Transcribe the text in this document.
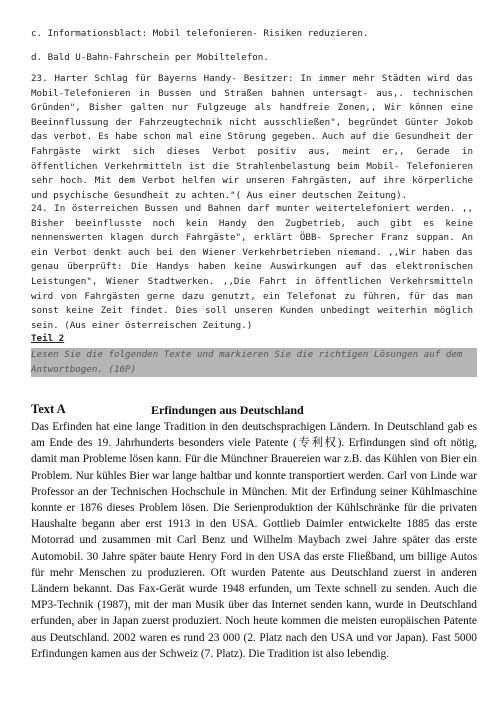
c. Informationsblact: Mobil telefonieren- Risiken reduzieren.

d. Bald U-Bahn-Fahrschein per Mobiltelefon.

23. Harter Schlag für Bayerns Handy- Besitzer: In immer mehr Städten wird das Mobil-Telefonieren in Bussen und Straßen bahnen untersagt- aus,. technischen Gründen", Bisher galten nur Fulgzeuge als handfreie Zonen,, Wir können eine Beeinnflussung der Fahrzeugtechnik nicht ausschließen", begründet Günter Jokob das verbot. Es habe schon mal eine Störung gegeben. Auch auf die Gesundheit der Fahrgäste wirkt sich dieses Verbot positiv aus, meint er,, Gerade in öffentlichen Verkehrmitteln ist die Strahlenbelastung beim Mobil- Telefonieren sehr hoch. Mit dem Verbot helfen wir unseren Fahrgästen, auf ihre körperliche und psychische Gesundheit zu achten."( Aus einer deutschen Zeitung).

24. In österreichen Bussen und Bahnen darf munter weitertelefoniert werden. ,, Bisher beeinflusste noch kein Handy den Zugbetrieb, auch gibt es keine nennenswerten klagen durch Fahrgäste", erklärt ÖBB- Sprecher Franz suppan. An ein Verbot denkt auch bei den Wiener Verkehrbetrieben niemand. ,,Wir haben das genau überprüft: Die Handys haben keine Auswirkungen auf das elektronischen Leistungen", Wiener Stadtwerken. ,,Die Fahrt in öffentlichen Verkehrsmitteln wird von Fahrgästen gerne dazu genutzt, ein Telefonat zu führen, für das man sonst keine Zeit findet. Dies soll unseren Kunden unbedingt weiterhin möglich sein. (Aus einer österreischen Zeitung.)

Teil 2

Lesen Sie die folgenden Texte und markieren Sie die richtigen Lösungen auf dem Antwortbogen. (16P)

Text A	Erfindungen aus Deutschland

Das Erfinden hat eine lange Tradition in den deutschsprachigen Ländern. In Deutschland gab es am Ende des 19. Jahrhunderts besonders viele Patente (专利权). Erfindungen sind oft nötig, damit man Probleme lösen kann. Für die Münchner Brauereien war z.B. das Kühlen von Bier ein Problem. Nur kühles Bier war lange haltbar und konnte transportiert werden. Carl von Linde war Professor an der Technischen Hochschule in München. Mit der Erfindung seiner Kühlmaschine konnte er 1876 dieses Problem lösen. Die Serienproduktion der Kühlschränke für die privaten Haushalte begann aber erst 1913 in den USA. Gottlieb Daimler entwickelte 1885 das erste Motorrad und zusammen mit Carl Benz und Wilhelm Maybach zwei Jahre später das erste Automobil. 30 Jahre später baute Henry Ford in den USA das erste Fließband, um billige Autos für mehr Menschen zu produzieren. Oft wurden Patente aus Deutschland zuerst in anderen Ländern bekannt. Das Fax-Gerät wurde 1948 erfunden, um Texte schnell zu senden. Auch die MP3-Technik (1987), mit der man Musik über das Internet senden kann, wurde in Deutschland erfunden, aber in Japan zuerst produziert. Noch heute kommen die meisten europäischen Patente aus Deutschland. 2002 waren es rund 23 000 (2. Platz nach den USA und vor Japan). Fast 5000 Erfindungen kamen aus der Schweiz (7. Platz). Die Tradition ist also lebendig.
